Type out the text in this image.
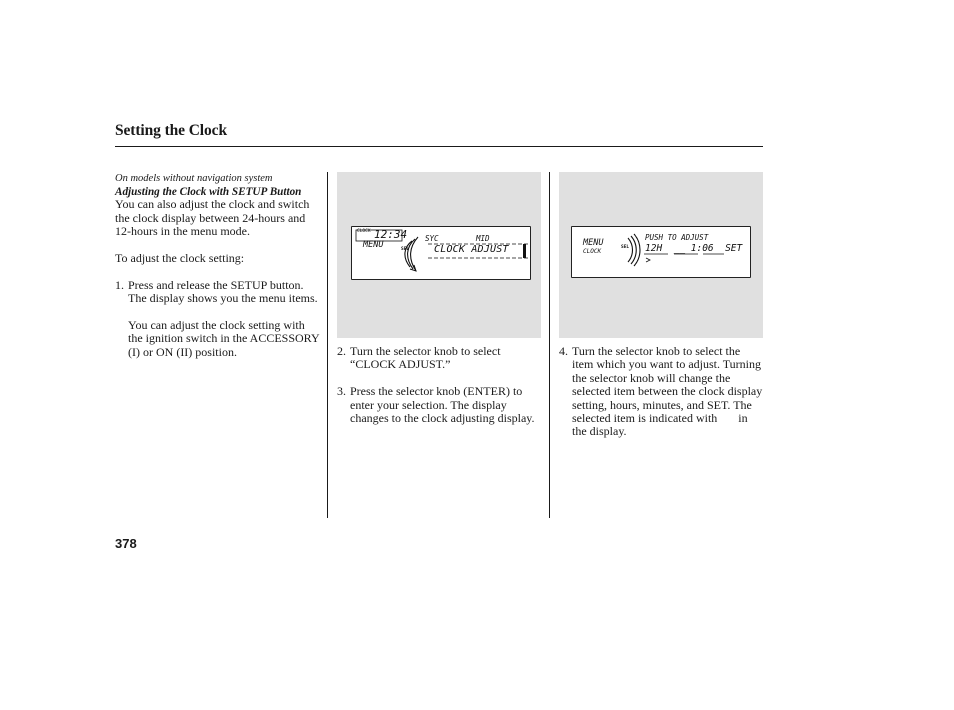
Setting the Clock

On models without navigation system

Adjusting the Clock with SETUP Button

You can also adjust the clock and switch the clock display between 24-hours and 12-hours in the menu mode.

To adjust the clock setting:

1. Press and release the SETUP button. The display shows you the menu items.

You can adjust the clock setting with the ignition switch in the ACCESSORY (I) or ON (II) position.

CLOCK 12:34
MENU	SEL
SYC	MID
CLOCK ADJUST
2. Turn the selector knob to select “CLOCK ADJUST.”

3. Press the selector knob (ENTER) to enter your selection. The display changes to the clock adjusting display.

MENU
CLOCK
SEL
PUSH TO ADJUST
12H  __ 1:06  SET
4. Turn the selector knob to select the item which you want to adjust. Turning the selector knob will change the selected item between the clock display setting, hours, minutes, and SET. The selected item is indicated with       in the display.

378
